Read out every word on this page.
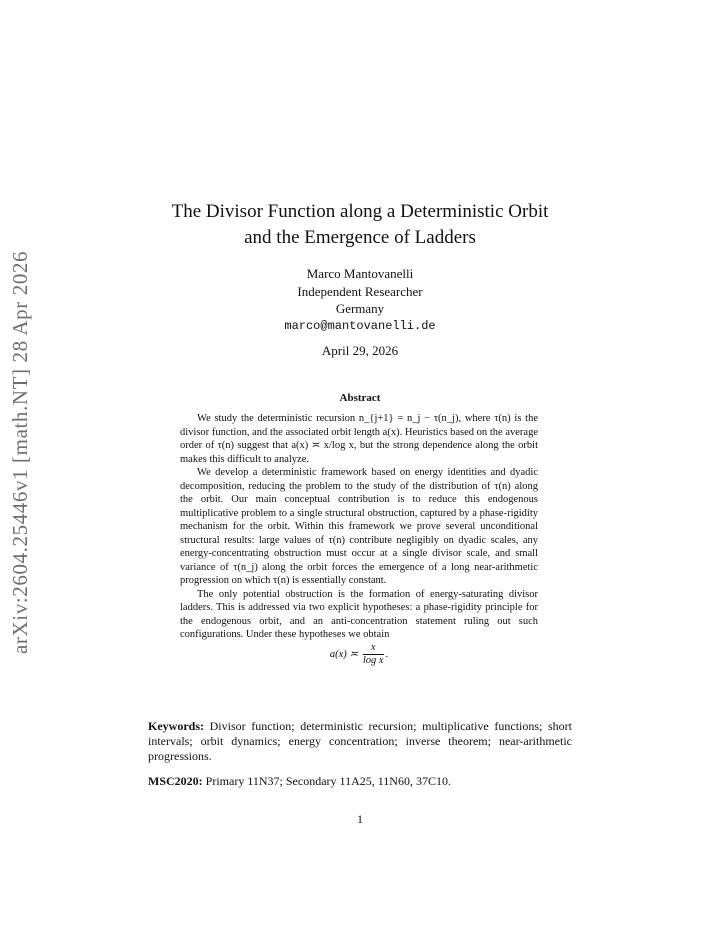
arXiv:2604.25446v1 [math.NT] 28 Apr 2026
The Divisor Function along a Deterministic Orbit
and the Emergence of Ladders
Marco Mantovanelli
Independent Researcher
Germany
marco@mantovanelli.de
April 29, 2026
Abstract

We study the deterministic recursion n_{j+1} = n_j − τ(n_j), where τ(n) is the divisor function, and the associated orbit length a(x). Heuristics based on the average order of τ(n) suggest that a(x) ≍ x/log x, but the strong dependence along the orbit makes this difficult to analyze.

We develop a deterministic framework based on energy identities and dyadic decomposition, reducing the problem to the study of the distribution of τ(n) along the orbit. Our main conceptual contribution is to reduce this endogenous multiplicative problem to a single structural obstruction, captured by a phase-rigidity mechanism for the orbit. Within this framework we prove several unconditional structural results: large values of τ(n) contribute negligibly on dyadic scales, any energy-concentrating obstruction must occur at a single divisor scale, and small variance of τ(n_j) along the orbit forces the emergence of a long near-arithmetic progression on which τ(n) is essentially constant.

The only potential obstruction is the formation of energy-saturating divisor ladders. This is addressed via two explicit hypotheses: a phase-rigidity principle for the endogenous orbit, and an anti-concentration statement ruling out such configurations. Under these hypotheses we obtain

a(x) ≍ $\frac{x}{\text{log x}}$ .
Keywords: Divisor function; deterministic recursion; multiplicative functions; short intervals; orbit dynamics; energy concentration; inverse theorem; near-arithmetic progressions.
MSC2020: Primary 11N37; Secondary 11A25, 11N60, 37C10.
1
